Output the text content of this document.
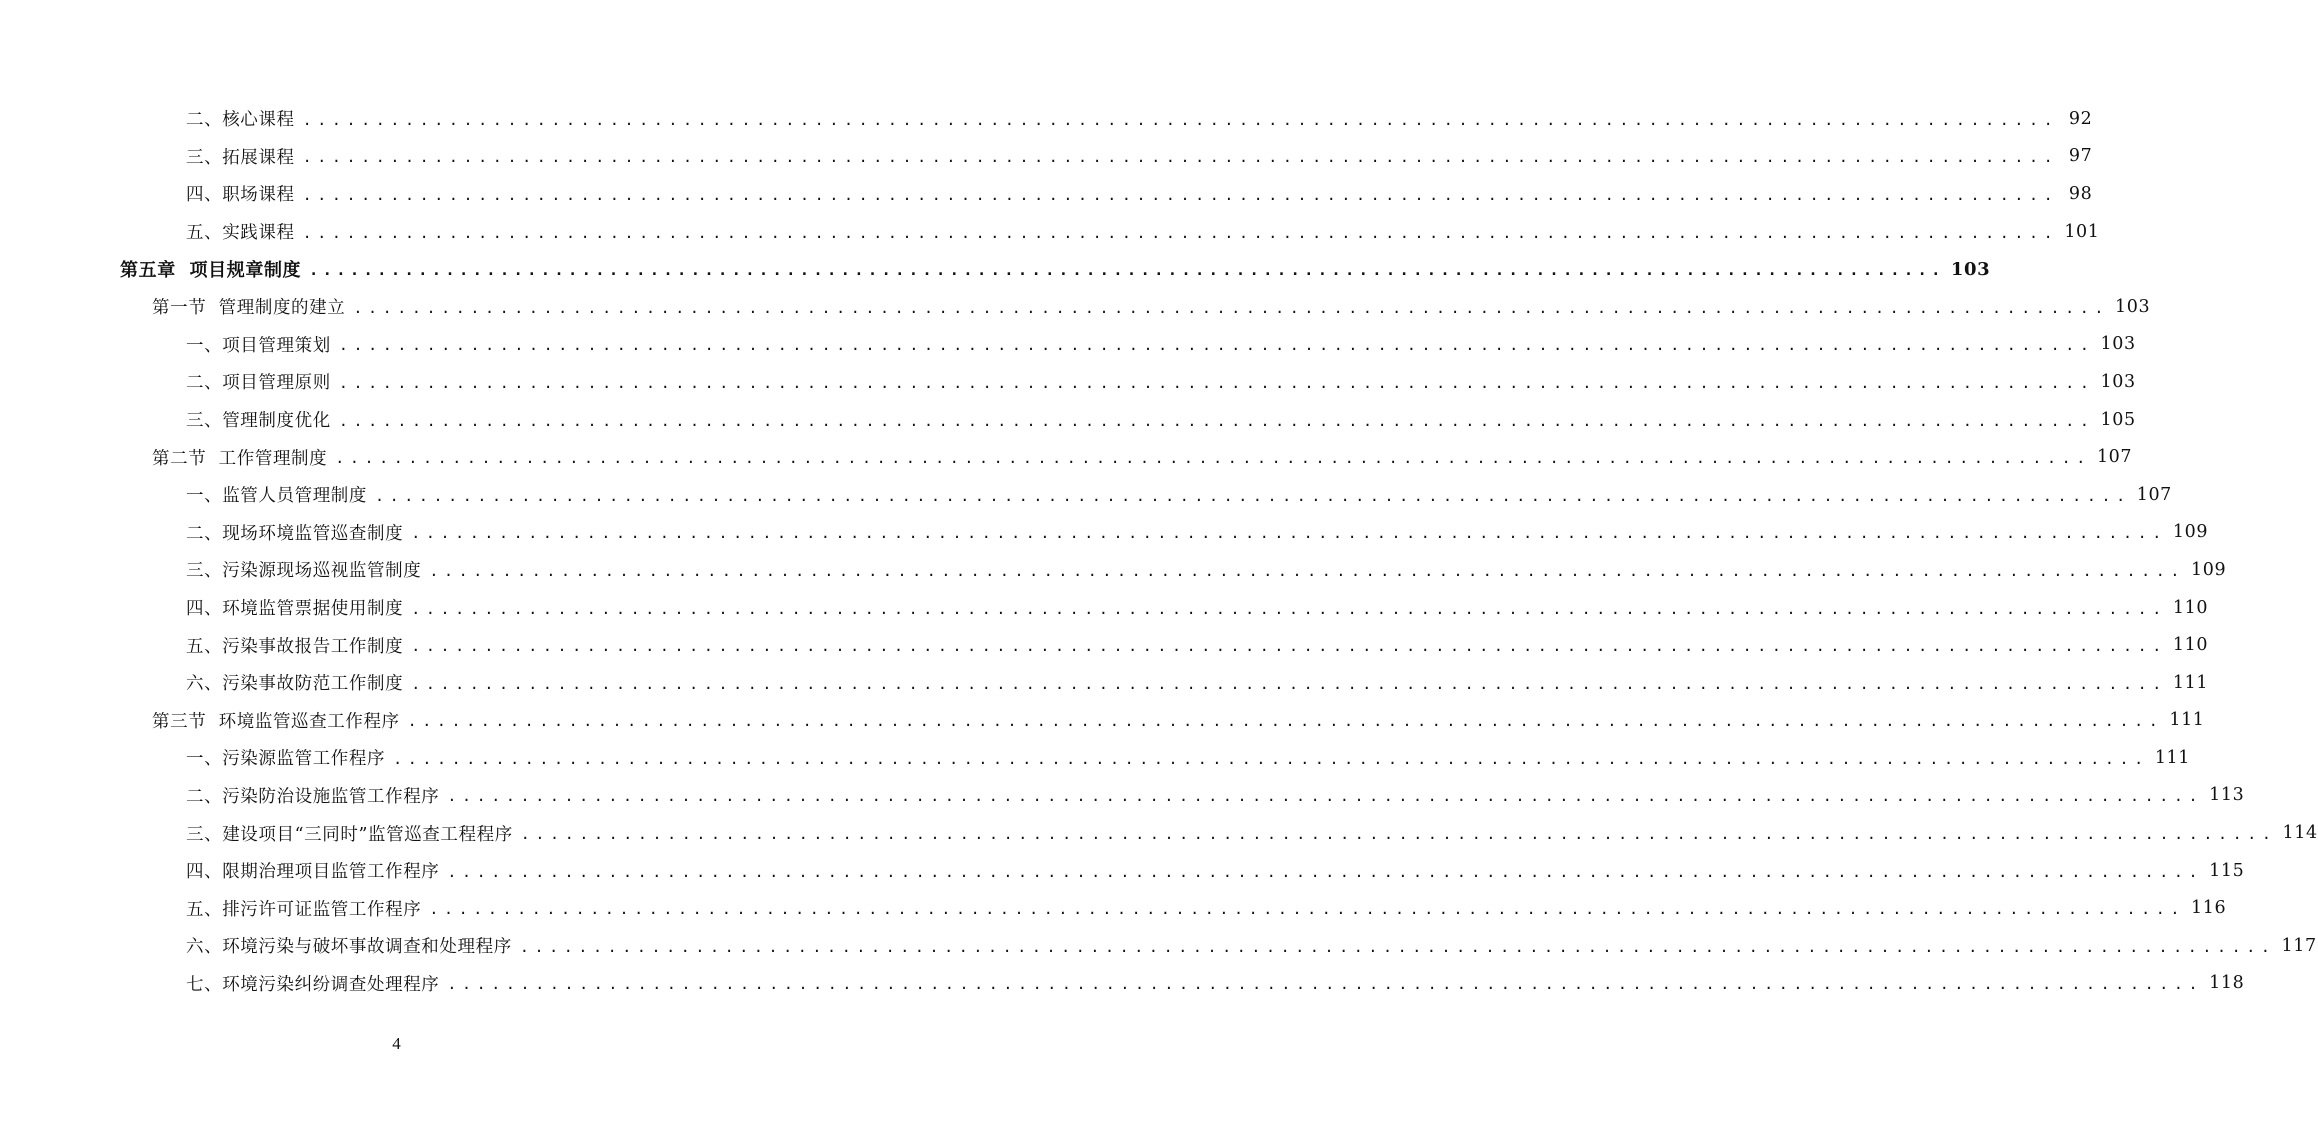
二、 核心课程 ........................................................................................................................ 92
三、 拓展课程 ........................................................................................................................ 97
四、 职场课程 ........................................................................................................................ 98
五、 实践课程 ........................................................................................................................ 101
第五章 项目规章制度 ........................................................................................................................ 103
第一节 管理制度的建立 ........................................................................................................................ 103
一、 项目管理策划 ........................................................................................................................ 103
二、 项目管理原则 ........................................................................................................................ 103
三、 管理制度优化 ........................................................................................................................ 105
第二节 工作管理制度 ........................................................................................................................ 107
一、 监管人员管理制度 ........................................................................................................................ 107
二、 现场环境监管巡查制度 ........................................................................................................................ 109
三、 污染源现场巡视监管制度 ........................................................................................................................ 109
四、 环境监管票据使用制度 ........................................................................................................................ 110
五、 污染事故报告工作制度 ........................................................................................................................ 110
六、 污染事故防范工作制度 ........................................................................................................................ 111
第三节 环境监管巡查工作程序 ........................................................................................................................ 111
一、 污染源监管工作程序 ........................................................................................................................ 111
二、 污染防治设施监管工作程序 ........................................................................................................................ 113
三、 建设项目“三同时”监管巡查工程程序 ........................................................................................................................ 114
四、 限期治理项目监管工作程序 ........................................................................................................................ 115
五、 排污许可证监管工作程序 ........................................................................................................................ 116
六、 环境污染与破坏事故调查和处理程序 ........................................................................................................................ 117
七、 环境污染纠纷调查处理程序 ........................................................................................................................ 118
4
